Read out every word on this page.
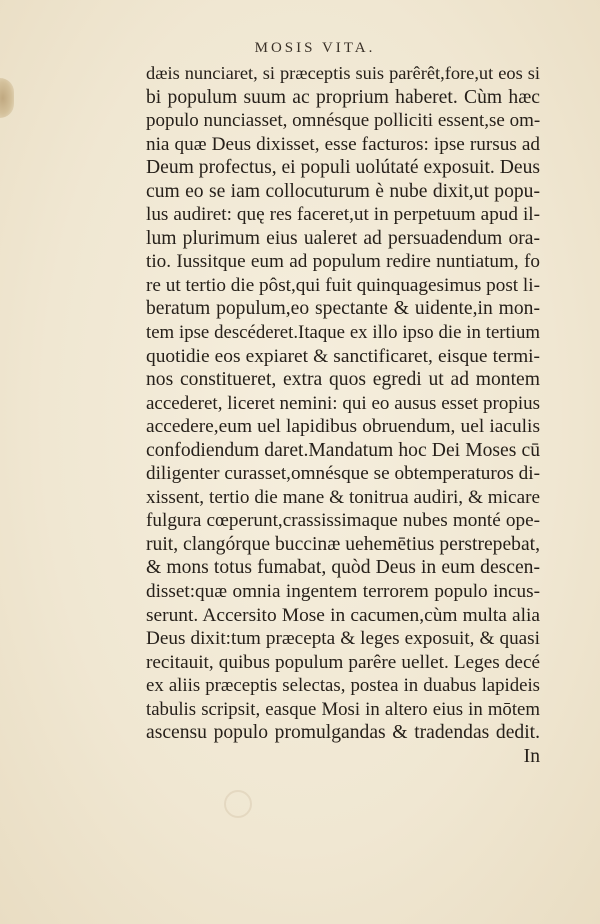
MOSIS VITA.
dæis nunciaret, si præceptis suis parêrêt,fore,ut eos si
bi populum suum ac proprium haberet. Cùm hæc
populo nunciasset, omnésque polliciti essent,se om-
nia quæ Deus dixisset, esse facturos: ipse rursus ad
Deum profectus, ei populi uolútaté exposuit. Deus
cum eo se iam collocuturum è nube dixit,ut popu-
lus audiret: quę res faceret,ut in perpetuum apud il-
lum plurimum eius ualeret ad persuadendum ora-
tio. Iussitque eum ad populum redire nuntiatum, fo
re ut tertio die pôst,qui fuit quinquagesimus post li-
beratum populum,eo spectante & uidente,in mon-
tem ipse descéderet.Itaque ex illo ipso die in tertium
quotidie eos expiaret & sanctificaret, eisque termi-
nos constitueret, extra quos egredi ut ad montem
accederet, liceret nemini: qui eo ausus esset propius
accedere,eum uel lapidibus obruendum, uel iaculis
confodiendum daret.Mandatum hoc Dei Moses cū
diligenter curasset,omnésque se obtemperaturos di-
xissent, tertio die mane & tonitrua audiri, & micare
fulgura cœperunt,crassissimaque nubes monté ope-
ruit, clangórque buccinæ uehemētius perstrepebat,
& mons totus fumabat, quòd Deus in eum descen-
disset:quæ omnia ingentem terrorem populo incus-
serunt. Accersito Mose in cacumen,cùm multa alia
Deus dixit:tum præcepta & leges exposuit, & quasi
recitauit, quibus populum parêre uellet. Leges decé
ex aliis præceptis selectas, postea in duabus lapideis
tabulis scripsit, easque Mosi in altero eius in mōtem
ascensu populo promulgandas & tradendas dedit.
In
